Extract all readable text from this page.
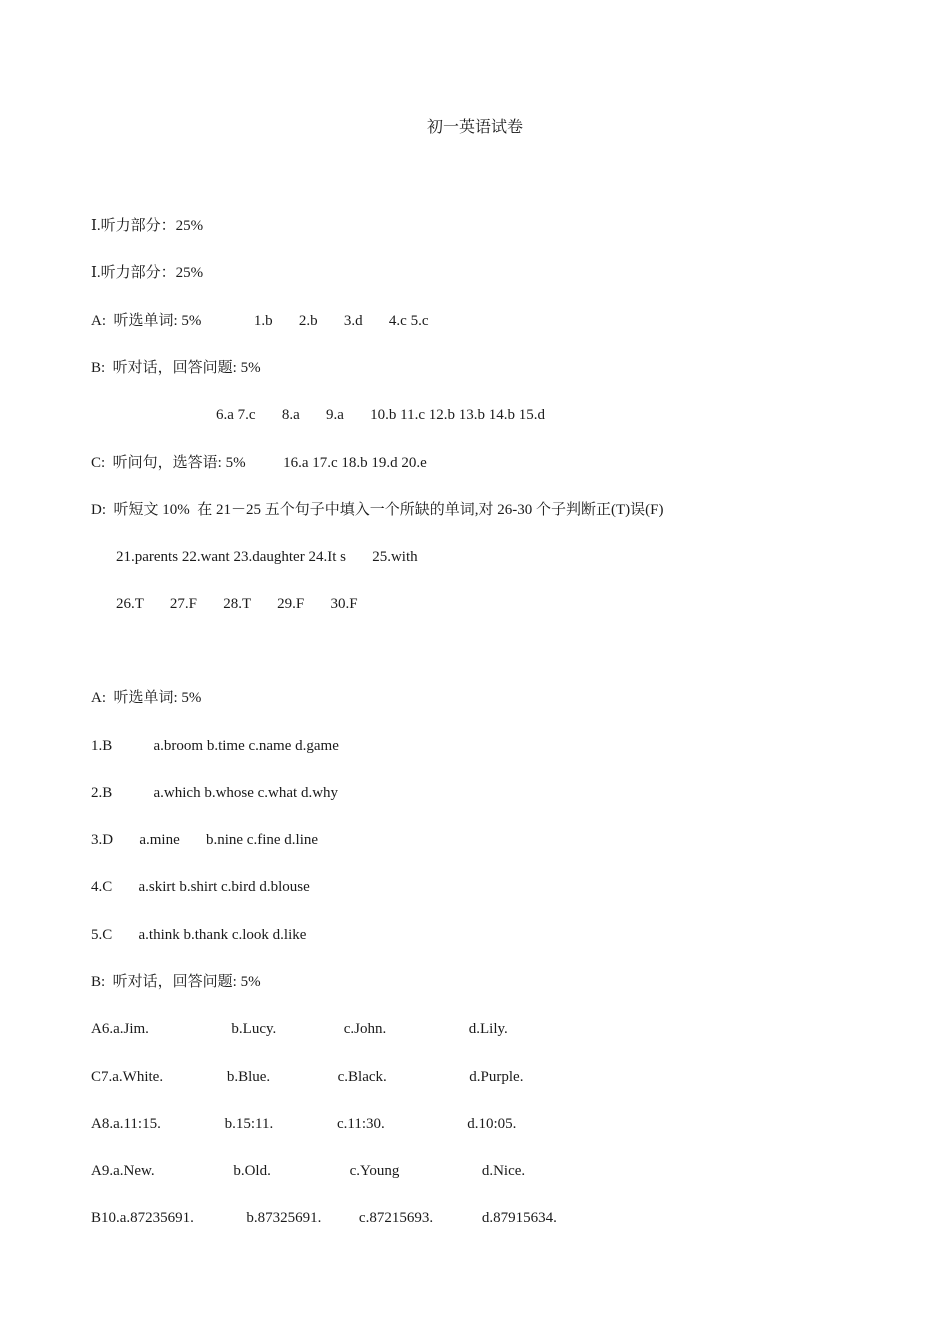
初一英语试卷
Ⅰ.听力部分：25%
Ⅰ.听力部分：25%
A:  听选单词: 5%              1.b       2.b       3.d       4.c 5.c
B:  听对话，回答问题: 5%
6.a 7.c       8.a       9.a       10.b 11.c 12.b 13.b 14.b 15.d
C:  听问句，选答语: 5%          16.a 17.c 18.b 19.d 20.e
D:  听短文 10%  在 21－25 五个句子中填入一个所缺的单词,对 26-30 个子判断正(T)误(F)
21.parents 22.want 23.daughter 24.It s       25.with
26.T       27.F       28.T       29.F       30.F
A:  听选单词: 5%
1.B           a.broom b.time c.name d.game
2.B           a.which b.whose c.what d.why
3.D       a.mine       b.nine c.fine d.line
4.C       a.skirt b.shirt c.bird d.blouse
5.C       a.think b.thank c.look d.like
B:  听对话，回答问题: 5%
A6.a.Jim.                      b.Lucy.                  c.John.                      d.Lily.
C7.a.White.                 b.Blue.                  c.Black.                      d.Purple.
A8.a.11:15.                 b.15:11.                 c.11:30.                      d.10:05.
A9.a.New.                     b.Old.                     c.Young                      d.Nice.
B10.a.87235691.              b.87325691.          c.87215693.             d.87915634.
